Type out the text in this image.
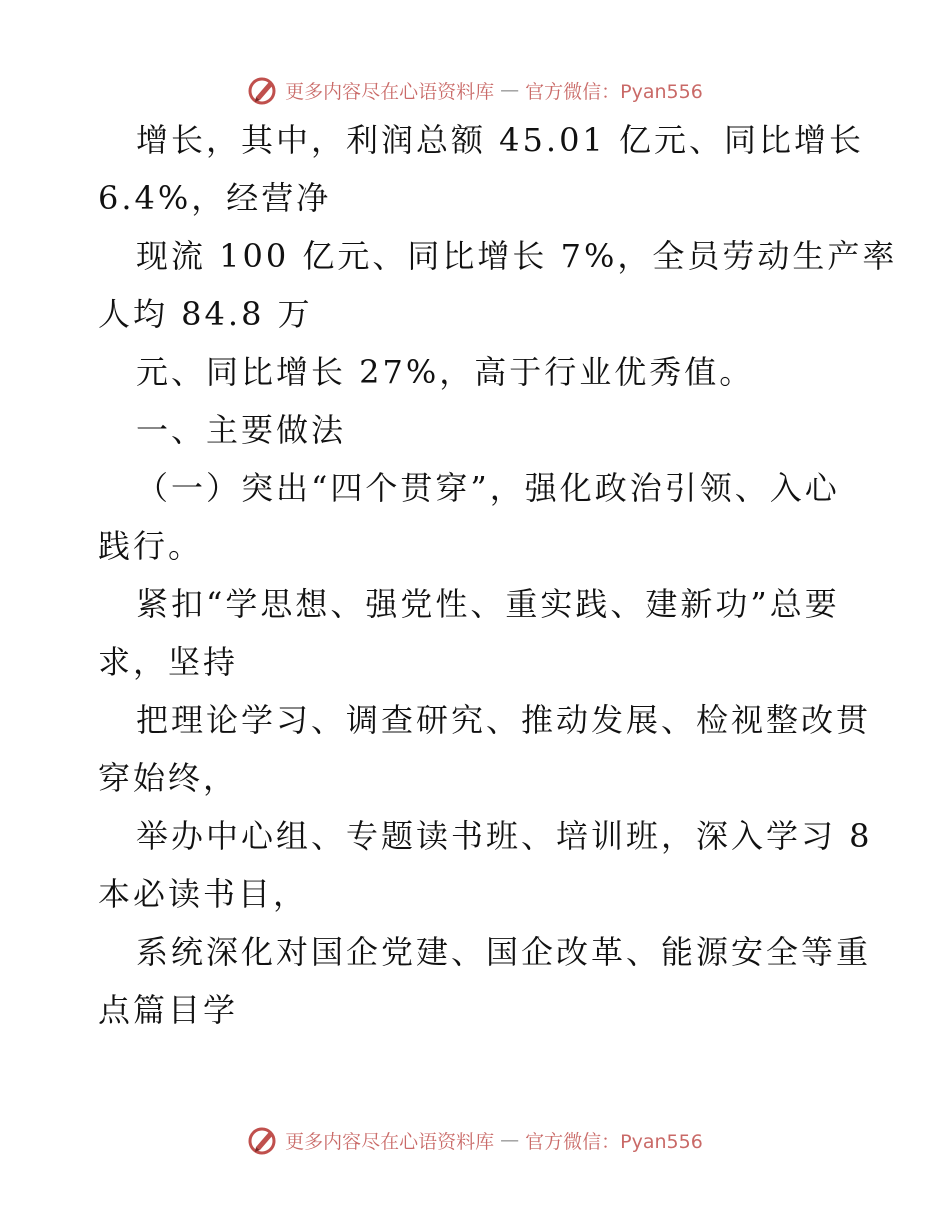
更多内容尽在心语资料库 — 官方微信：Pyan556
增长，其中，利润总额 45.01 亿元、同比增长
6.4%，经营净
现流 100 亿元、同比增长 7%，全员劳动生产率
人均 84.8 万
元、同比增长 27%，高于行业优秀值。
一、主要做法
（一）突出“四个贯穿”，强化政治引领、入心
践行。
紧扣“学思想、强党性、重实践、建新功”总要
求，坚持
把理论学习、调查研究、推动发展、检视整改贯
穿始终，
举办中心组、专题读书班、培训班，深入学习 8
本必读书目，
系统深化对国企党建、国企改革、能源安全等重
点篇目学
更多内容尽在心语资料库 — 官方微信：Pyan556
